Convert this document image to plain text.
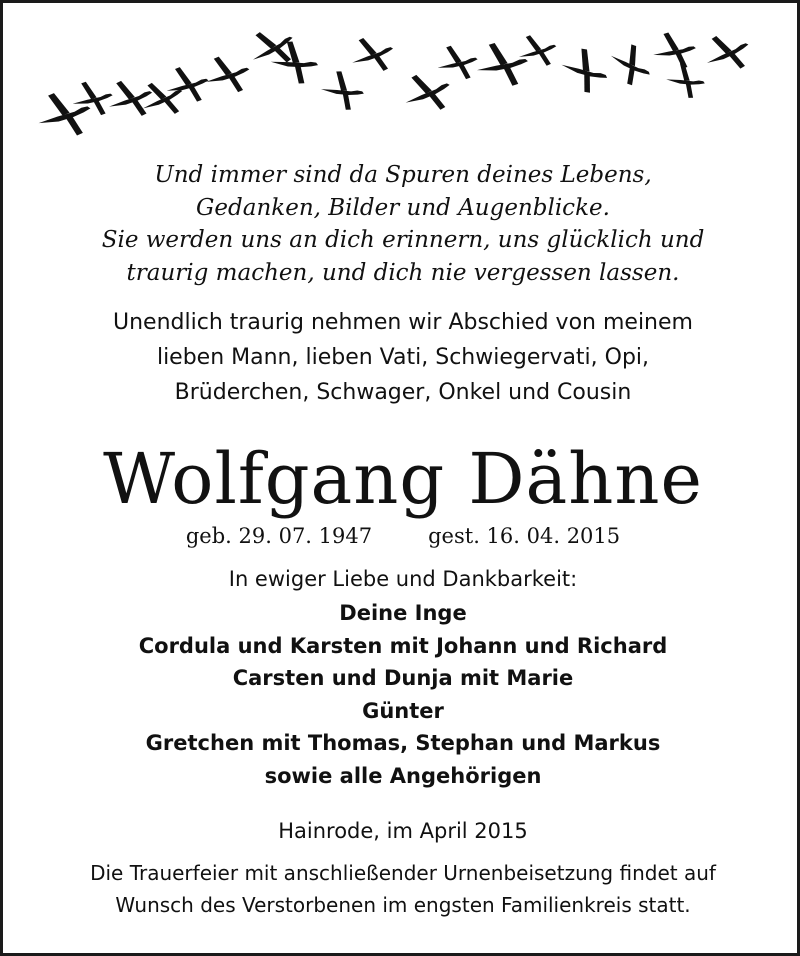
Und immer sind da Spuren deines Lebens,
Gedanken, Bilder und Augenblicke.
Sie werden uns an dich erinnern, uns glücklich und
traurig machen, und dich nie vergessen lassen.
Unendlich traurig nehmen wir Abschied von meinem
lieben Mann, lieben Vati, Schwiegervati, Opi,
Brüderchen, Schwager, Onkel und Cousin
Wolfgang Dähne
geb. 29. 07. 1947	gest. 16. 04. 2015
In ewiger Liebe und Dankbarkeit:
Deine Inge
Cordula und Karsten mit Johann und Richard
Carsten und Dunja mit Marie
Günter
Gretchen mit Thomas, Stephan und Markus
sowie alle Angehörigen
Hainrode, im April 2015
Die Trauerfeier mit anschließender Urnenbeisetzung findet auf
Wunsch des Verstorbenen im engsten Familienkreis statt.
